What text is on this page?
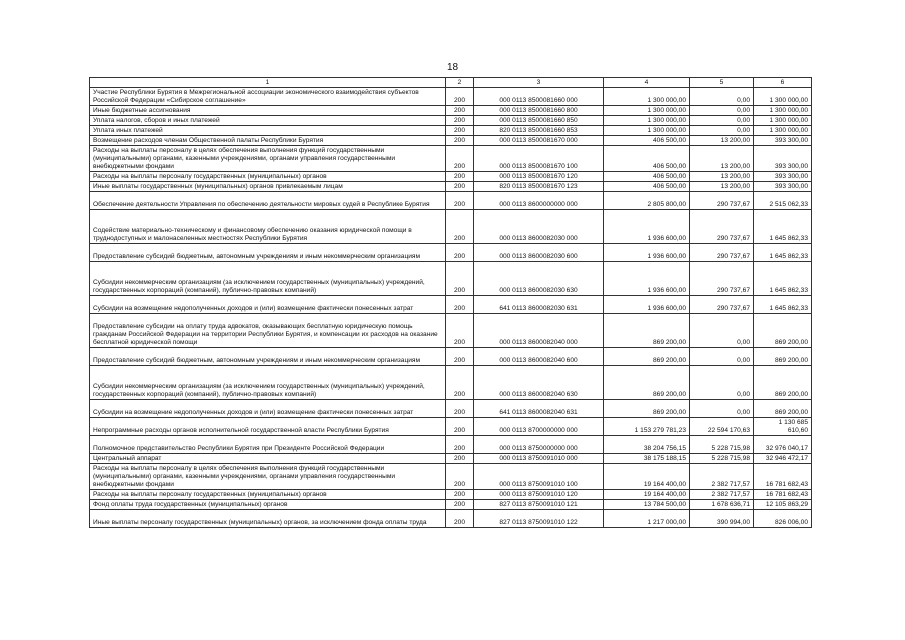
18
1	2	3	4	5	6
Участие Республики Бурятия в Межрегиональной ассоциации экономического взаимодействия субъектов Российской Федерации «Сибирское соглашение»	200	000 0113 8500081660 000	1 300 000,00	0,00	1 300 000,00
Иные бюджетные ассигнования	200	000 0113 8500081660 800	1 300 000,00	0,00	1 300 000,00
Уплата налогов, сборов и иных платежей	200	000 0113 8500081660 850	1 300 000,00	0,00	1 300 000,00
Уплата иных платежей	200	820 0113 8500081660 853	1 300 000,00	0,00	1 300 000,00
Возмещение расходов членам Общественной палаты Республики Бурятия	200	000 0113 8500081670 000	406 500,00	13 200,00	393 300,00
Расходы на выплаты персоналу в целях обеспечения выполнения функций государственными (муниципальными) органами, казенными учреждениями, органами управления государственными внебюджетными фондами	200	000 0113 8500081670 100	406 500,00	13 200,00	393 300,00
Расходы на выплаты персоналу государственных (муниципальных) органов	200	000 0113 8500081670 120	406 500,00	13 200,00	393 300,00
Иные выплаты государственных (муниципальных) органов привлекаемым лицам	200	820 0113 8500081670 123	406 500,00	13 200,00	393 300,00
Обеспечение деятельности Управления по обеспечению деятельности мировых судей в Республике Бурятия	200	000 0113 8600000000 000	2 805 800,00	290 737,67	2 515 062,33
Содействие материально-техническому и финансовому обеспечению оказания юридической помощи в труднодоступных и малонаселенных местностях Республики Бурятия	200	000 0113 8600082030 000	1 936 600,00	290 737,67	1 645 862,33
Предоставление субсидий бюджетным, автономным учреждениям и иным некоммерческим организациям	200	000 0113 8600082030 600	1 936 600,00	290 737,67	1 645 862,33
Субсидии некоммерческим организациям (за исключением государственных (муниципальных) учреждений, государственных корпораций (компаний), публично-правовых компаний)	200	000 0113 8600082030 630	1 936 600,00	290 737,67	1 645 862,33
Субсидии на возмещение недополученных доходов и (или) возмещение фактически понесенных затрат	200	641 0113 8600082030 631	1 936 600,00	290 737,67	1 645 862,33
Предоставление субсидии на оплату труда адвокатов, оказывающих бесплатную юридическую помощь гражданам Российской Федерации на территории Республики Бурятия, и компенсации их расходов на оказание бесплатной юридической помощи	200	000 0113 8600082040 000	869 200,00	0,00	869 200,00
Предоставление субсидий бюджетным, автономным учреждениям и иным некоммерческим организациям	200	000 0113 8600082040 600	869 200,00	0,00	869 200,00
Субсидии некоммерческим организациям (за исключением государственных (муниципальных) учреждений, государственных корпораций (компаний), публично-правовых компаний)	200	000 0113 8600082040 630	869 200,00	0,00	869 200,00
Субсидии на возмещение недополученных доходов и (или) возмещение фактически понесенных затрат	200	641 0113 8600082040 631	869 200,00	0,00	869 200,00
Непрограммные расходы органов исполнительной государственной власти Республики Бурятия	200	000 0113 8700000000 000	1 153 279 781,23	22 594 170,63	1 130 685 610,60
Полномочное представительство Республики Бурятия при Президенте Российской Федерации	200	000 0113 8750000000 000	38 204 756,15	5 228 715,98	32 976 040,17
Центральный аппарат	200	000 0113 8750091010 000	38 175 188,15	5 228 715,98	32 946 472,17
Расходы на выплаты персоналу в целях обеспечения выполнения функций государственными (муниципальными) органами, казенными учреждениями, органами управления государственными внебюджетными фондами	200	000 0113 8750091010 100	19 164 400,00	2 382 717,57	16 781 682,43
Расходы на выплаты персоналу государственных (муниципальных) органов	200	000 0113 8750091010 120	19 164 400,00	2 382 717,57	16 781 682,43
Фонд оплаты труда государственных (муниципальных) органов	200	827 0113 8750091010 121	13 784 500,00	1 678 636,71	12 105 863,29
Иные выплаты персоналу государственных (муниципальных) органов, за исключением фонда оплаты труда	200	827 0113 8750091010 122	1 217 000,00	390 994,00	826 006,00
